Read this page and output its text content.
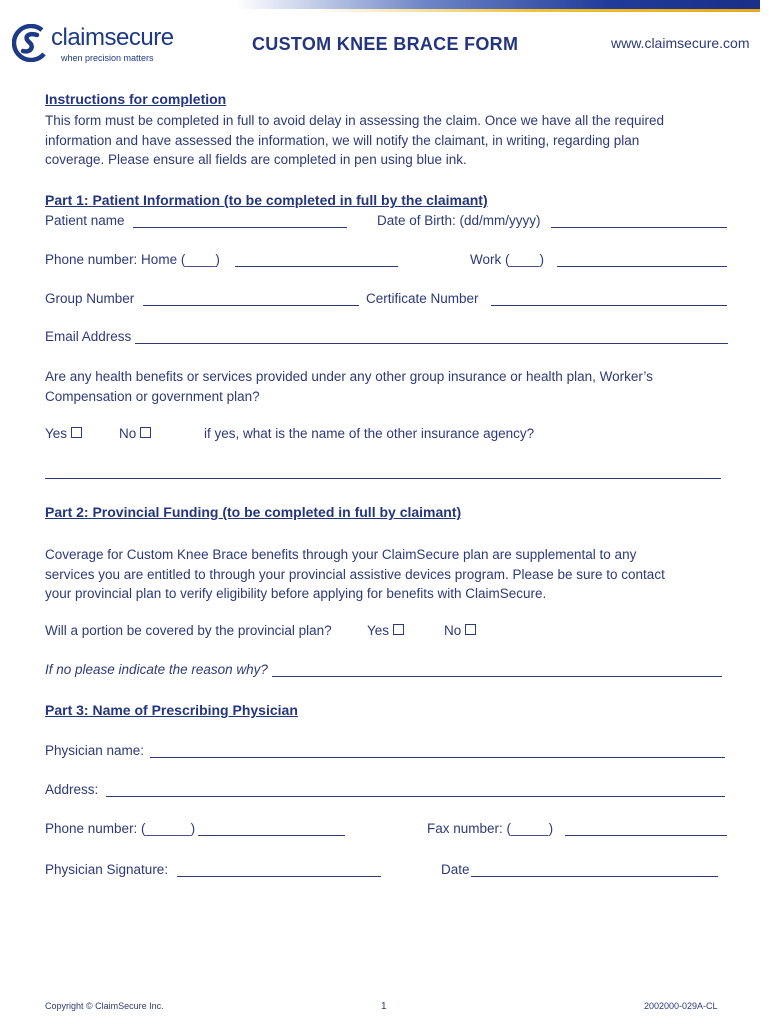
claimsecure
when precision matters
CUSTOM KNEE BRACE FORM	www.claimsecure.com
Instructions for completion
This form must be completed in full to avoid delay in assessing the claim. Once we have all the required
information and have assessed the information, we will notify the claimant, in writing, regarding plan
coverage. Please ensure all fields are completed in pen using blue ink.
Part 1: Patient Information (to be completed in full by the claimant)
Patient name	Date of Birth: (dd/mm/yyyy)
Phone number: Home (____)	Work (____)
Group Number	Certificate Number
Email Address
Are any health benefits or services provided under any other group insurance or health plan, Worker’s
Compensation or government plan?
Yes	No	if yes, what is the name of the other insurance agency?
Part 2: Provincial Funding (to be completed in full by claimant)
Coverage for Custom Knee Brace benefits through your ClaimSecure plan are supplemental to any
services you are entitled to through your provincial assistive devices program. Please be sure to contact
your provincial plan to verify eligibility before applying for benefits with ClaimSecure.
Will a portion be covered by the provincial plan?	Yes	No
If no please indicate the reason why?
Part 3: Name of Prescribing Physician
Physician name:
Address:
Phone number: (______)	Fax number: (_____)
Physician Signature:	Date
Copyright © ClaimSecure Inc.	1	2002000-029A-CL
